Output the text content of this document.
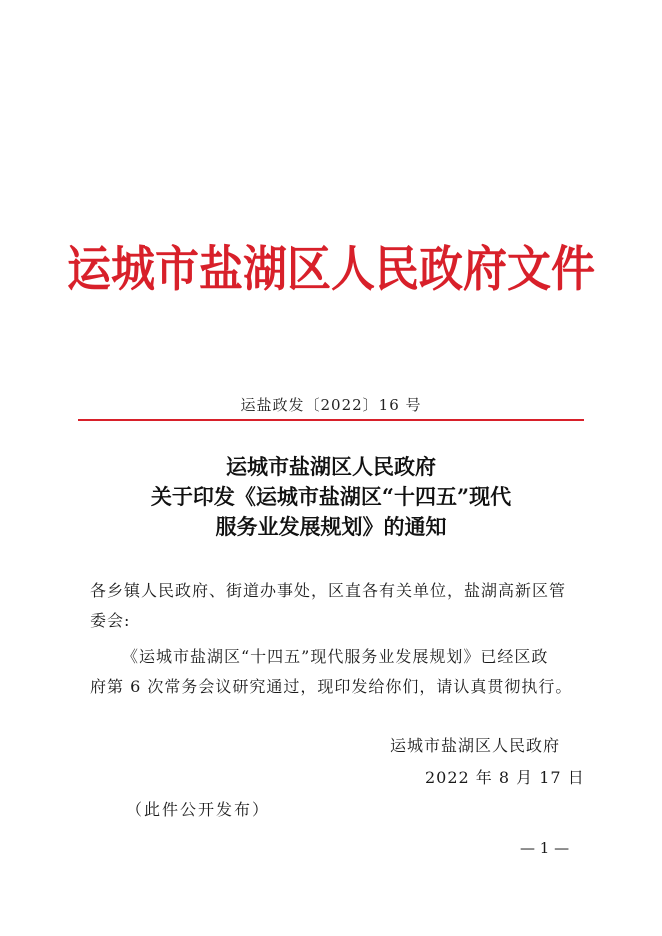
运城市盐湖区人民政府文件
运盐政发〔2022〕16 号
运城市盐湖区人民政府
关于印发《运城市盐湖区“十四五”现代
服务业发展规划》的通知
各乡镇人民政府、街道办事处，区直各有关单位，盐湖高新区管
委会:
《运城市盐湖区“十四五”现代服务业发展规划》已经区政
府第 6 次常务会议研究通过，现印发给你们，请认真贯彻执行。
运城市盐湖区人民政府
2022 年 8 月 17 日
（此件公开发布）
— 1 —
